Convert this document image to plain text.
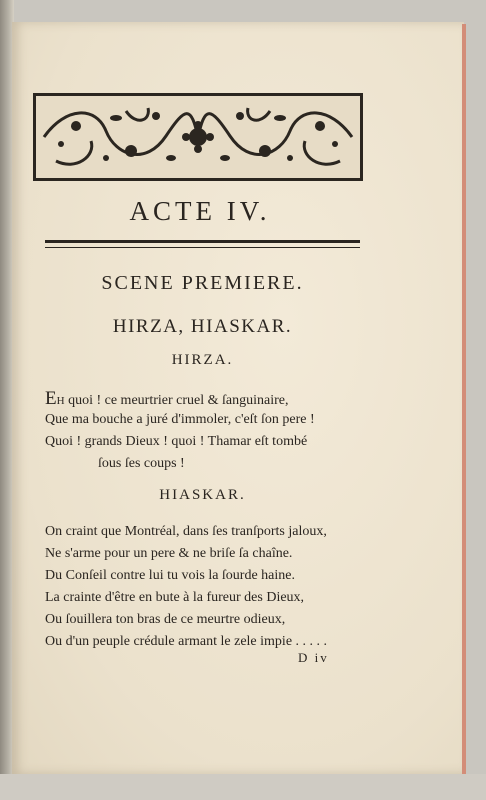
ACTE IV.
SCENE PREMIERE.
HIRZA, HIASKAR.
HIRZA.
EH quoi ! ce meurtrier cruel & ſanguinaire,
Que ma bouche a juré d'immoler, c'eſt ſon pere !
Quoi ! grands Dieux ! quoi ! Thamar eſt tombé
ſous ſes coups !
HIASKAR.
On craint que Montréal, dans ſes tranſports jaloux,
Ne s'arme pour un pere & ne briſe ſa chaîne.
Du Conſeil contre lui tu vois la ſourde haine.
La crainte d'être en bute à la fureur des Dieux,
Ou ſouillera ton bras de ce meurtre odieux,
Ou d'un peuple crédule armant le zele impie . . . . .
D iv
